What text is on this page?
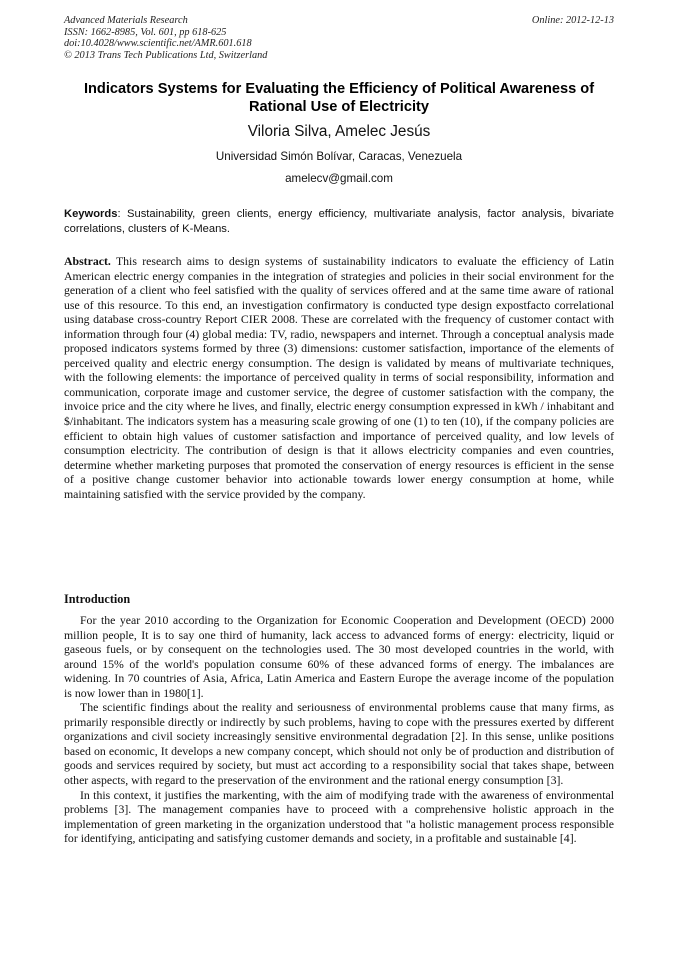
Advanced Materials Research
ISSN: 1662-8985, Vol. 601, pp 618-625
doi:10.4028/www.scientific.net/AMR.601.618
© 2013 Trans Tech Publications Ltd, Switzerland
Online: 2012-12-13
Indicators Systems for Evaluating the Efficiency of Political Awareness of Rational Use of Electricity
Viloria Silva, Amelec Jesús
Universidad Simón Bolívar, Caracas, Venezuela
amelecv@gmail.com
Keywords: Sustainability, green clients, energy efficiency, multivariate analysis, factor analysis, bivariate correlations, clusters of K-Means.
Abstract. This research aims to design systems of sustainability indicators to evaluate the efficiency of Latin American electric energy companies in the integration of strategies and policies in their social environment for the generation of a client who feel satisfied with the quality of services offered and at the same time aware of rational use of this resource. To this end, an investigation confirmatory is conducted type design expostfacto correlational using database cross-country Report CIER 2008. These are correlated with the frequency of customer contact with information through four (4) global media: TV, radio, newspapers and internet. Through a conceptual analysis made proposed indicators systems formed by three (3) dimensions: customer satisfaction, importance of the elements of perceived quality and electric energy consumption. The design is validated by means of multivariate techniques, with the following elements: the importance of perceived quality in terms of social responsibility, information and communication, corporate image and customer service, the degree of customer satisfaction with the company, the invoice price and the city where he lives, and finally, electric energy consumption expressed in kWh / inhabitant and $/inhabitant. The indicators system has a measuring scale growing of one (1) to ten (10), if the company policies are efficient to obtain high values of customer satisfaction and importance of perceived quality, and low levels of consumption electricity. The contribution of design is that it allows electricity companies and even countries, determine whether marketing purposes that promoted the conservation of energy resources is efficient in the sense of a positive change customer behavior into actionable towards lower energy consumption at home, while maintaining satisfied with the service provided by the company.
Introduction

For the year 2010 according to the Organization for Economic Cooperation and Development (OECD) 2000 million people, It is to say one third of humanity, lack access to advanced forms of energy: electricity, liquid or gaseous fuels, or by consequent on the technologies used. The 30 most developed countries in the world, with around 15% of the world's population consume 60% of these advanced forms of energy. The imbalances are widening. In 70 countries of Asia, Africa, Latin America and Eastern Europe the average income of the population is now lower than in 1980[1].

The scientific findings about the reality and seriousness of environmental problems cause that many firms, as primarily responsible directly or indirectly by such problems, having to cope with the pressures exerted by different organizations and civil society increasingly sensitive environmental degradation [2]. In this sense, unlike positions based on economic, It develops a new company concept, which should not only be of production and distribution of goods and services required by society, but must act according to a responsibility social that takes shape, between other aspects, with regard to the preservation of the environment and the rational energy consumption [3].

In this context, it justifies the markenting, with the aim of modifying trade with the awareness of environmental problems [3]. The management companies have to proceed with a comprehensive holistic approach in the implementation of green marketing in the organization understood that "a holistic management process responsible for identifying, anticipating and satisfying customer demands and society, in a profitable and sustainable [4].
